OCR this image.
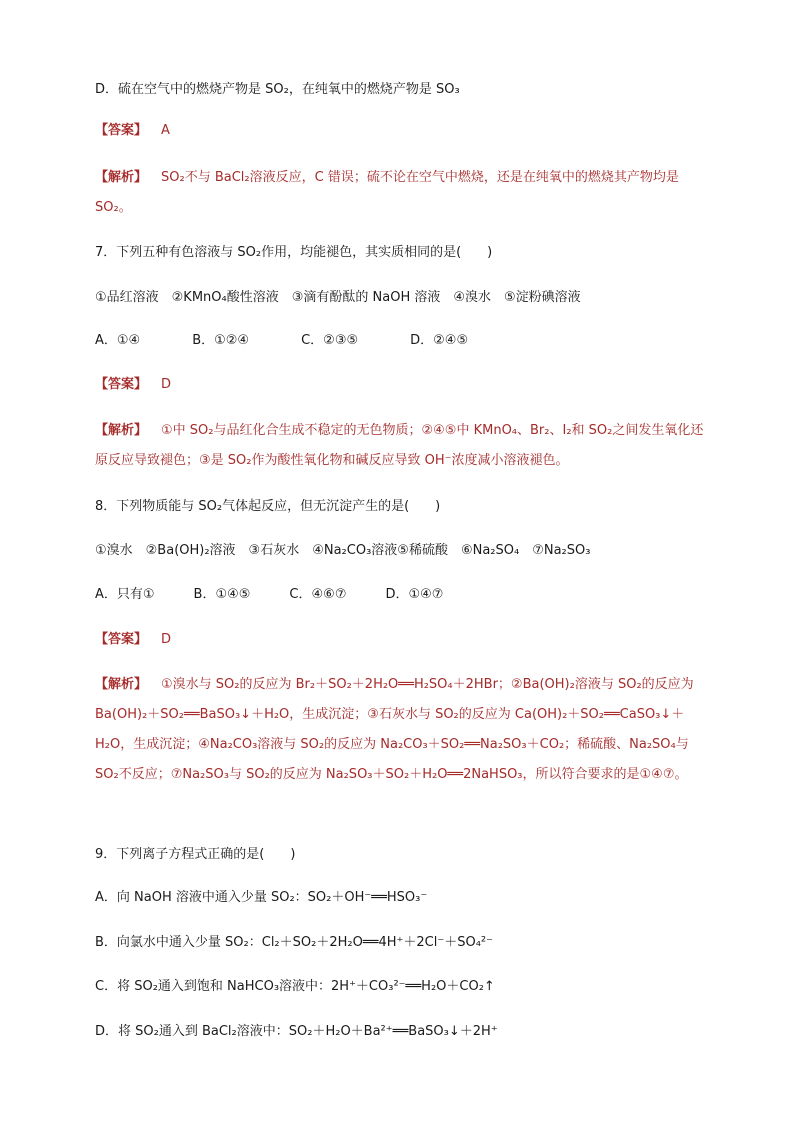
D．硫在空气中的燃烧产物是 SO₂，在纯氧中的燃烧产物是 SO₃
【答案】 A
【解析】 SO₂不与 BaCl₂溶液反应，C 错误；硫不论在空气中燃烧，还是在纯氧中的燃烧其产物均是 SO₂。
7．下列五种有色溶液与 SO₂作用，均能褪色，其实质相同的是(　　)
①品红溶液　②KMnO₄酸性溶液　③滴有酚酞的 NaOH 溶液　④溴水　⑤淀粉碘溶液
A．①④　　　　B．①②④　　　　C．②③⑤　　　　D．②④⑤
【答案】 D
【解析】 ①中 SO₂与品红化合生成不稳定的无色物质；②④⑤中 KMnO₄、Br₂、I₂和 SO₂之间发生氧化还原反应导致褪色；③是 SO₂作为酸性氧化物和碱反应导致 OH⁻浓度减小溶液褪色。
8．下列物质能与 SO₂气体起反应，但无沉淀产生的是(　　)
①溴水　②Ba(OH)₂溶液　③石灰水　④Na₂CO₃溶液⑤稀硫酸　⑥Na₂SO₄　⑦Na₂SO₃
A．只有①　　　B．①④⑤　　　C．④⑥⑦　　　D．①④⑦
【答案】 D
【解析】 ①溴水与 SO₂的反应为 Br₂＋SO₂＋2H₂O══H₂SO₄＋2HBr；②Ba(OH)₂溶液与 SO₂的反应为 Ba(OH)₂＋SO₂══BaSO₃↓＋H₂O，生成沉淀；③石灰水与 SO₂的反应为 Ca(OH)₂＋SO₂══CaSO₃↓＋H₂O，生成沉淀；④Na₂CO₃溶液与 SO₂的反应为 Na₂CO₃＋SO₂══Na₂SO₃＋CO₂；稀硫酸、Na₂SO₄与 SO₂不反应；⑦Na₂SO₃与 SO₂的反应为 Na₂SO₃＋SO₂＋H₂O══2NaHSO₃，所以符合要求的是①④⑦。
9．下列离子方程式正确的是(　　)
A．向 NaOH 溶液中通入少量 SO₂：SO₂＋OH⁻══HSO₃⁻
B．向氯水中通入少量 SO₂：Cl₂＋SO₂＋2H₂O══4H⁺＋2Cl⁻＋SO₄²⁻
C．将 SO₂通入到饱和 NaHCO₃溶液中：2H⁺＋CO₃²⁻══H₂O＋CO₂↑
D．将 SO₂通入到 BaCl₂溶液中：SO₂＋H₂O＋Ba²⁺══BaSO₃↓＋2H⁺
